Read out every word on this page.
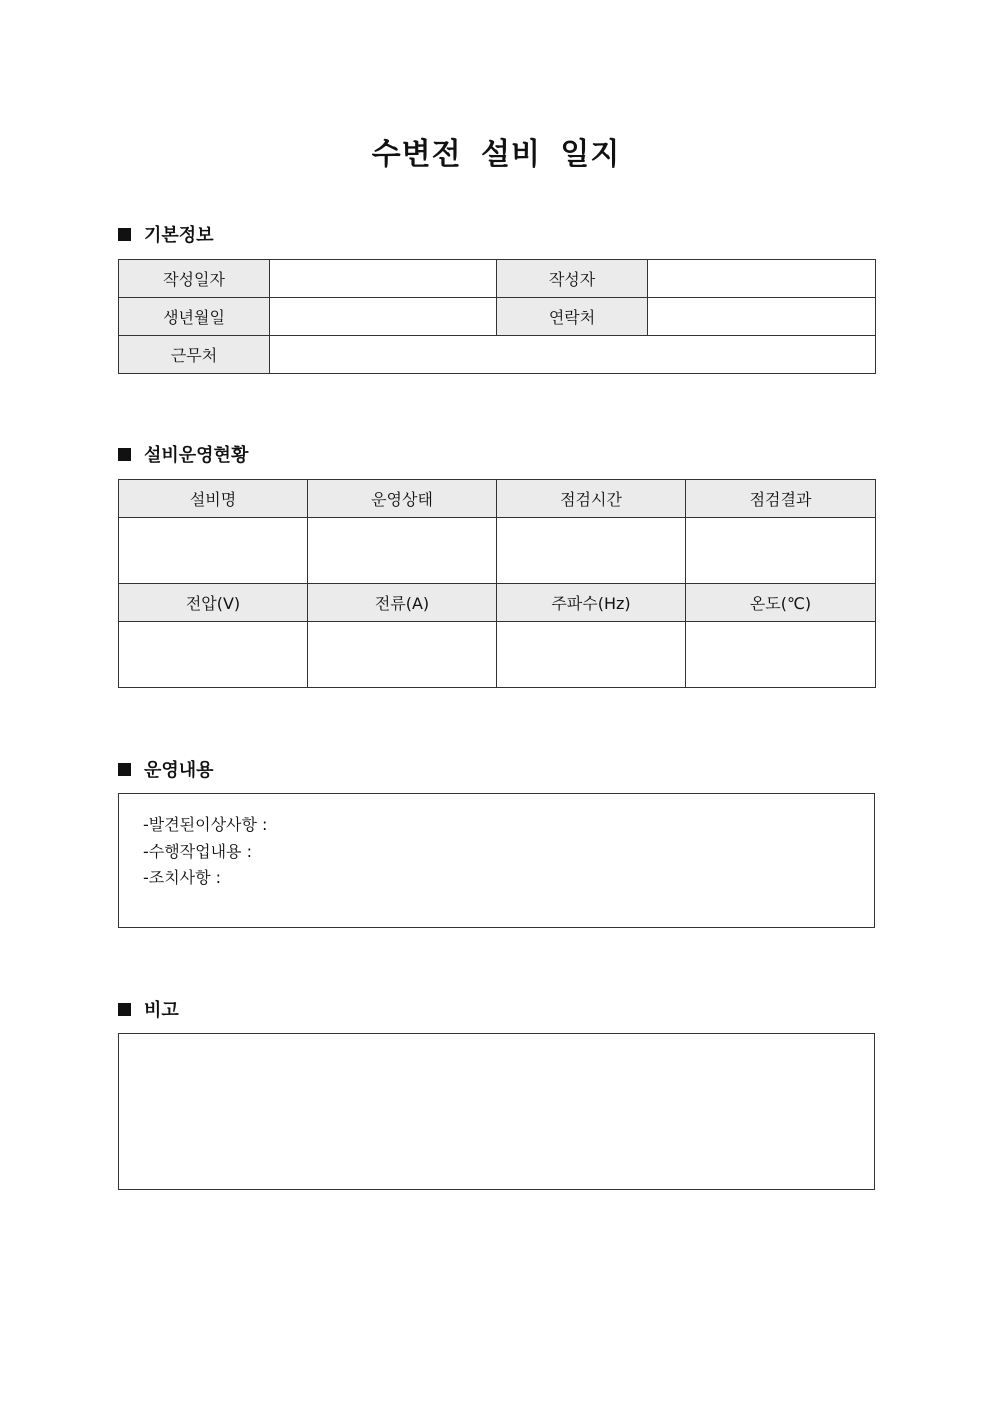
수변전 설비 일지
기본정보
작성일자		작성자	
생년월일		연락처	
근무처			
설비운영현황
설비명	운영상태	점검시간	점검결과

전압(V)	전류(A)	주파수(Hz)	온도(℃)

운영내용
-발견된이상사항 :
-수행작업내용 :
-조치사항 :
비고
